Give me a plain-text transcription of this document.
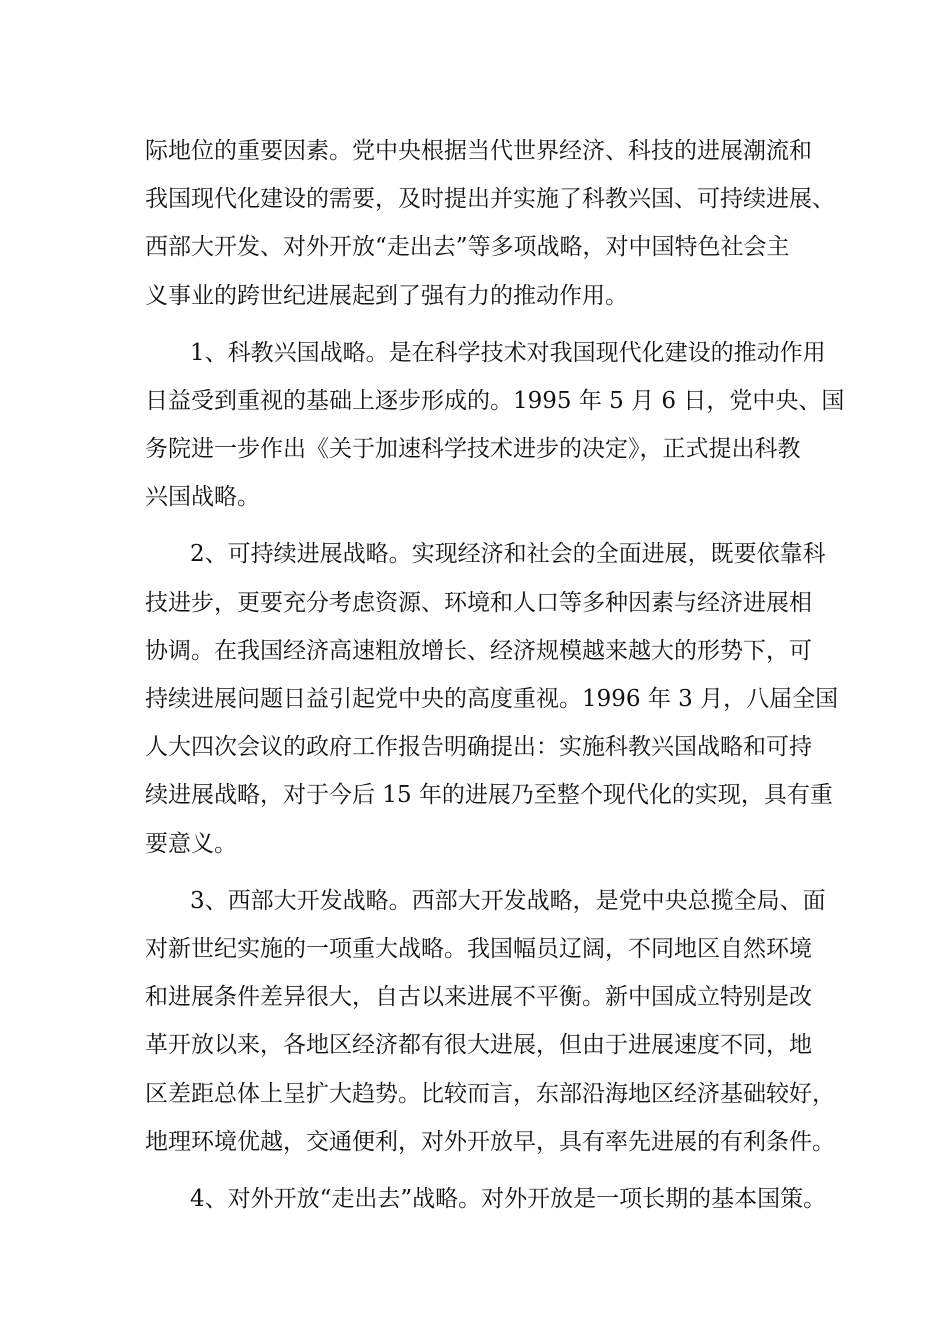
际地位的重要因素。党中央根据当代世界经济、科技的进展潮流和
我国现代化建设的需要，及时提出并实施了科教兴国、可持续进展、
西部大开发、对外开放“走出去”等多项战略，对中国特色社会主
义事业的跨世纪进展起到了强有力的推动作用。
1、科教兴国战略。是在科学技术对我国现代化建设的推动作用
日益受到重视的基础上逐步形成的。1995 年 5 月 6 日，党中央、国
务院进一步作出《关于加速科学技术进步的决定》，正式提出科教
兴国战略。
2、可持续进展战略。实现经济和社会的全面进展，既要依靠科
技进步，更要充分考虑资源、环境和人口等多种因素与经济进展相
协调。在我国经济高速粗放增长、经济规模越来越大的形势下，可
持续进展问题日益引起党中央的高度重视。1996 年 3 月，八届全国
人大四次会议的政府工作报告明确提出：实施科教兴国战略和可持
续进展战略，对于今后 15 年的进展乃至整个现代化的实现，具有重
要意义。
3、西部大开发战略。西部大开发战略，是党中央总揽全局、面
对新世纪实施的一项重大战略。我国幅员辽阔，不同地区自然环境
和进展条件差异很大，自古以来进展不平衡。新中国成立特别是改
革开放以来，各地区经济都有很大进展，但由于进展速度不同，地
区差距总体上呈扩大趋势。比较而言，东部沿海地区经济基础较好，
地理环境优越，交通便利，对外开放早，具有率先进展的有利条件。
4、对外开放“走出去”战略。对外开放是一项长期的基本国策。
